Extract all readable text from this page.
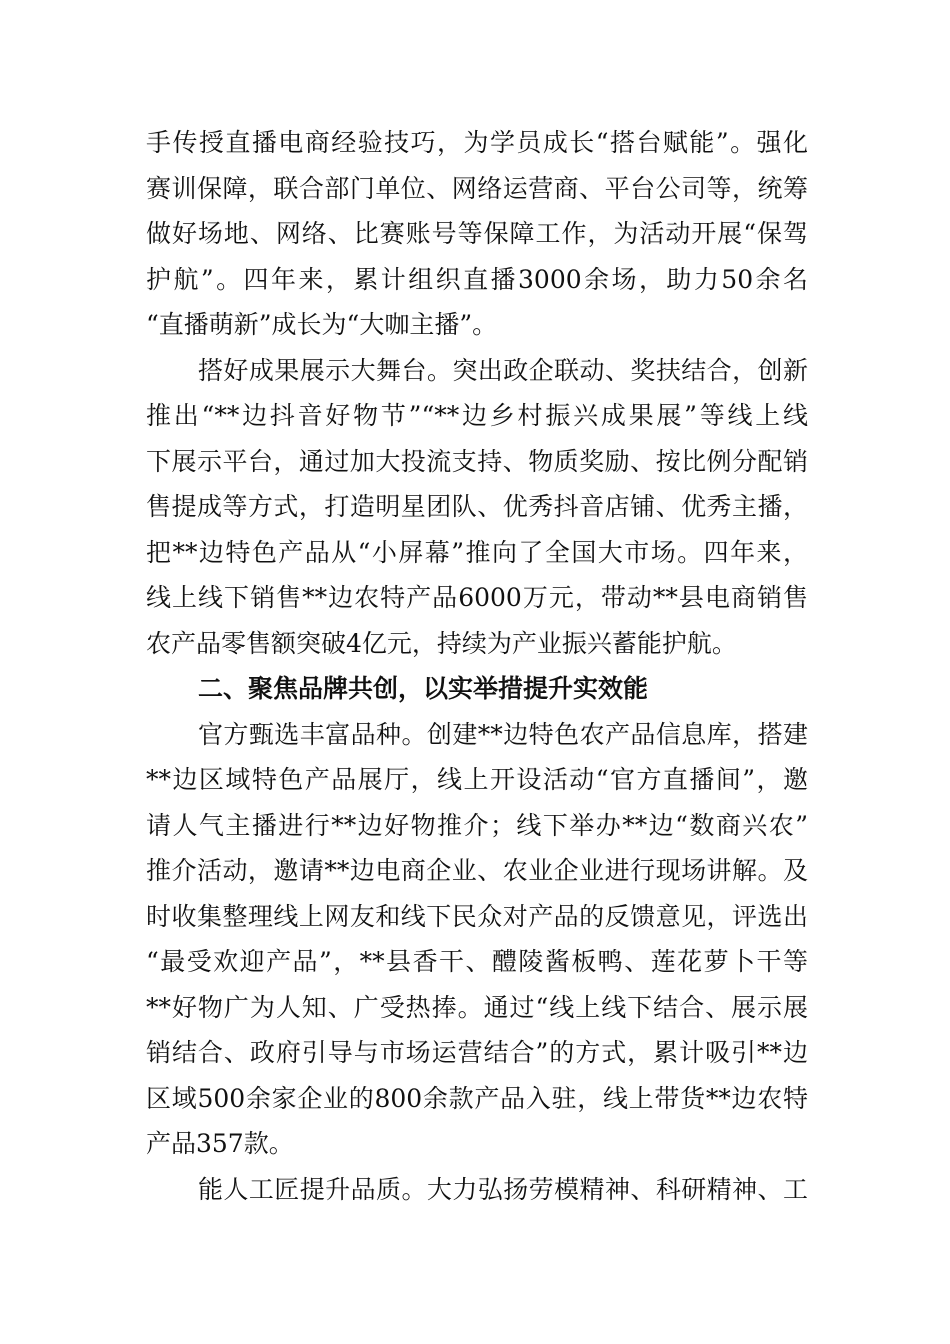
手传授直播电商经验技巧，为学员成长“搭台赋能”。强化
赛训保障，联合部门单位、网络运营商、平台公司等，统筹
做好场地、网络、比赛账号等保障工作，为活动开展“保驾
护航”。四年来，累计组织直播3000余场，助力50余名
“直播萌新”成长为“大咖主播”。
搭好成果展示大舞台。突出政企联动、奖扶结合，创新
推出“**边抖音好物节”“**边乡村振兴成果展”等线上线
下展示平台，通过加大投流支持、物质奖励、按比例分配销
售提成等方式，打造明星团队、优秀抖音店铺、优秀主播，
把**边特色产品从“小屏幕”推向了全国大市场。四年来，
线上线下销售**边农特产品6000万元，带动**县电商销售
农产品零售额突破4亿元，持续为产业振兴蓄能护航。
二、聚焦品牌共创，以实举措提升实效能
官方甄选丰富品种。创建**边特色农产品信息库，搭建
**边区域特色产品展厅，线上开设活动“官方直播间”，邀
请人气主播进行**边好物推介；线下举办**边“数商兴农”
推介活动，邀请**边电商企业、农业企业进行现场讲解。及
时收集整理线上网友和线下民众对产品的反馈意见，评选出
“最受欢迎产品”，**县香干、醴陵酱板鸭、莲花萝卜干等
**好物广为人知、广受热捧。通过“线上线下结合、展示展
销结合、政府引导与市场运营结合”的方式，累计吸引**边
区域500余家企业的800余款产品入驻，线上带货**边农特
产品357款。
能人工匠提升品质。大力弘扬劳模精神、科研精神、工
